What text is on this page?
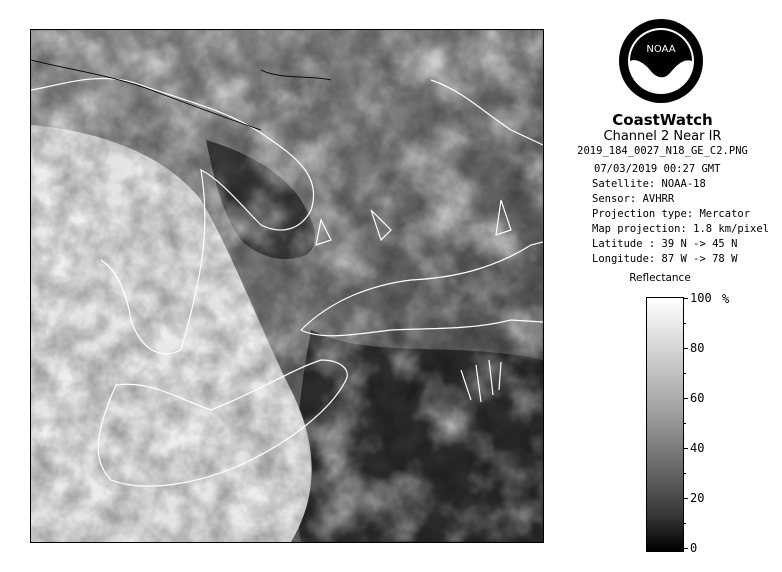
NOAA
CoastWatch
Channel 2 Near IR
2019_184_0027_N18_GE_C2.PNG
07/03/2019 00:27 GMT
Satellite: NOAA-18
Sensor: AVHRR
Projection type: Mercator
Map projection: 1.8 km/pixel
Latitude : 39 N -> 45 N
Longitude: 87 W -> 78 W
Reflectance
%
100
80
60
40
20
0
